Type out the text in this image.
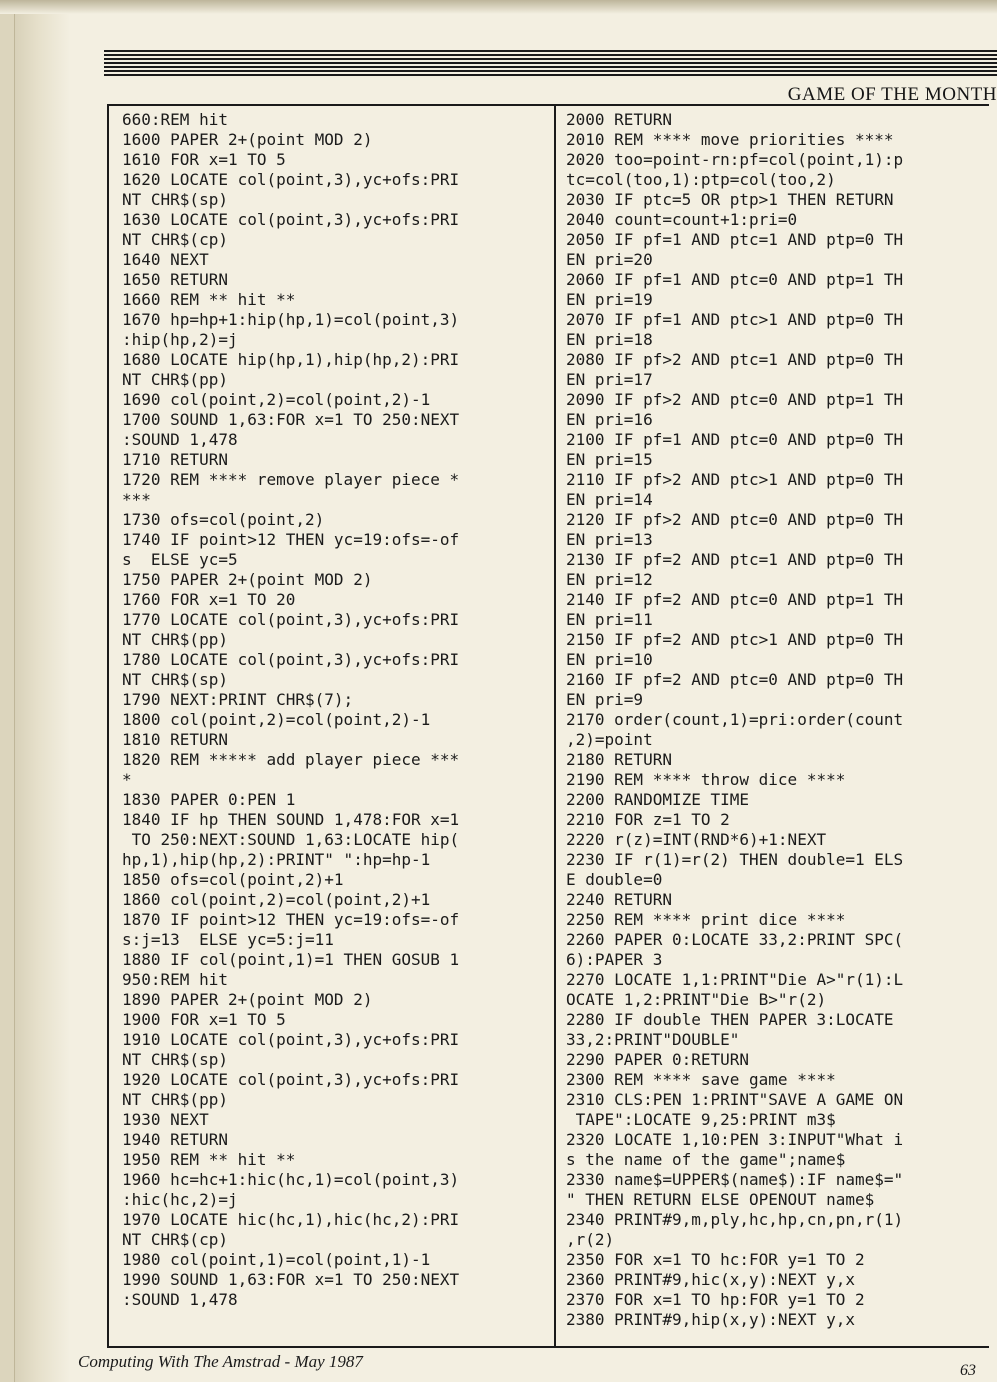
GAME OF THE MONTH
660:REM hit
1600 PAPER 2+(point MOD 2)
1610 FOR x=1 TO 5
1620 LOCATE col(point,3),yc+ofs:PRI
NT CHR$(sp)
1630 LOCATE col(point,3),yc+ofs:PRI
NT CHR$(cp)
1640 NEXT
1650 RETURN
1660 REM ** hit **
1670 hp=hp+1:hip(hp,1)=col(point,3)
:hip(hp,2)=j
1680 LOCATE hip(hp,1),hip(hp,2):PRI
NT CHR$(pp)
1690 col(point,2)=col(point,2)-1
1700 SOUND 1,63:FOR x=1 TO 250:NEXT
:SOUND 1,478
1710 RETURN
1720 REM **** remove player piece *
***
1730 ofs=col(point,2)
1740 IF point>12 THEN yc=19:ofs=-of
s  ELSE yc=5
1750 PAPER 2+(point MOD 2)
1760 FOR x=1 TO 20
1770 LOCATE col(point,3),yc+ofs:PRI
NT CHR$(pp)
1780 LOCATE col(point,3),yc+ofs:PRI
NT CHR$(sp)
1790 NEXT:PRINT CHR$(7);
1800 col(point,2)=col(point,2)-1
1810 RETURN
1820 REM ***** add player piece ***
*
1830 PAPER 0:PEN 1
1840 IF hp THEN SOUND 1,478:FOR x=1
TO 250:NEXT:SOUND 1,63:LOCATE hip(
hp,1),hip(hp,2):PRINT" ":hp=hp-1
1850 ofs=col(point,2)+1
1860 col(point,2)=col(point,2)+1
1870 IF point>12 THEN yc=19:ofs=-of
s:j=13  ELSE yc=5:j=11
1880 IF col(point,1)=1 THEN GOSUB 1
950:REM hit
1890 PAPER 2+(point MOD 2)
1900 FOR x=1 TO 5
1910 LOCATE col(point,3),yc+ofs:PRI
NT CHR$(sp)
1920 LOCATE col(point,3),yc+ofs:PRI
NT CHR$(pp)
1930 NEXT
1940 RETURN
1950 REM ** hit **
1960 hc=hc+1:hic(hc,1)=col(point,3)
:hic(hc,2)=j
1970 LOCATE hic(hc,1),hic(hc,2):PRI
NT CHR$(cp)
1980 col(point,1)=col(point,1)-1
1990 SOUND 1,63:FOR x=1 TO 250:NEXT
:SOUND 1,478
2000 RETURN
2010 REM **** move priorities ****
2020 too=point-rn:pf=col(point,1):p
tc=col(too,1):ptp=col(too,2)
2030 IF ptc=5 OR ptp>1 THEN RETURN
2040 count=count+1:pri=0
2050 IF pf=1 AND ptc=1 AND ptp=0 TH
EN pri=20
2060 IF pf=1 AND ptc=0 AND ptp=1 TH
EN pri=19
2070 IF pf=1 AND ptc>1 AND ptp=0 TH
EN pri=18
2080 IF pf>2 AND ptc=1 AND ptp=0 TH
EN pri=17
2090 IF pf>2 AND ptc=0 AND ptp=1 TH
EN pri=16
2100 IF pf=1 AND ptc=0 AND ptp=0 TH
EN pri=15
2110 IF pf>2 AND ptc>1 AND ptp=0 TH
EN pri=14
2120 IF pf>2 AND ptc=0 AND ptp=0 TH
EN pri=13
2130 IF pf=2 AND ptc=1 AND ptp=0 TH
EN pri=12
2140 IF pf=2 AND ptc=0 AND ptp=1 TH
EN pri=11
2150 IF pf=2 AND ptc>1 AND ptp=0 TH
EN pri=10
2160 IF pf=2 AND ptc=0 AND ptp=0 TH
EN pri=9
2170 order(count,1)=pri:order(count
,2)=point
2180 RETURN
2190 REM **** throw dice ****
2200 RANDOMIZE TIME
2210 FOR z=1 TO 2
2220 r(z)=INT(RND*6)+1:NEXT
2230 IF r(1)=r(2) THEN double=1 ELS
E double=0
2240 RETURN
2250 REM **** print dice ****
2260 PAPER 0:LOCATE 33,2:PRINT SPC(
6):PAPER 3
2270 LOCATE 1,1:PRINT"Die A>"r(1):L
OCATE 1,2:PRINT"Die B>"r(2)
2280 IF double THEN PAPER 3:LOCATE
33,2:PRINT"DOUBLE"
2290 PAPER 0:RETURN
2300 REM **** save game ****
2310 CLS:PEN 1:PRINT"SAVE A GAME ON
TAPE":LOCATE 9,25:PRINT m3$
2320 LOCATE 1,10:PEN 3:INPUT"What i
s the name of the game";name$
2330 name$=UPPER$(name$):IF name$="
" THEN RETURN ELSE OPENOUT name$
2340 PRINT#9,m,ply,hc,hp,cn,pn,r(1)
,r(2)
2350 FOR x=1 TO hc:FOR y=1 TO 2
2360 PRINT#9,hic(x,y):NEXT y,x
2370 FOR x=1 TO hp:FOR y=1 TO 2
2380 PRINT#9,hip(x,y):NEXT y,x
Computing With The Amstrad - May 1987	63
